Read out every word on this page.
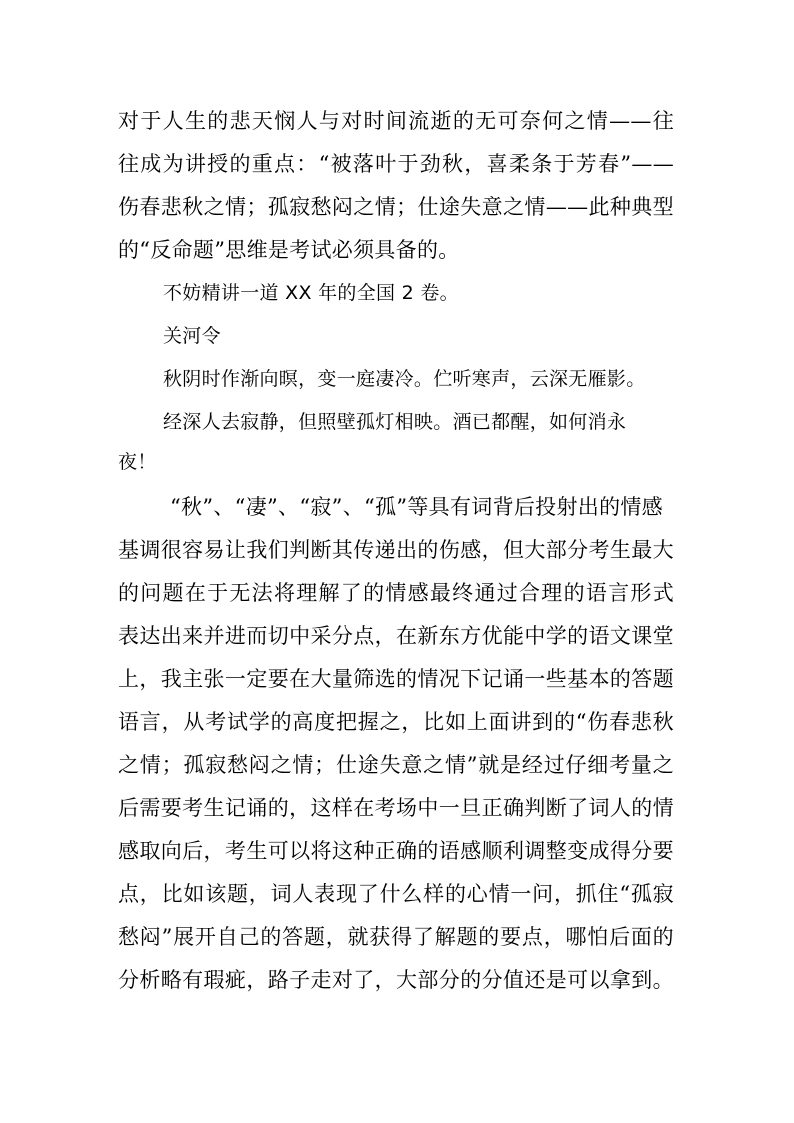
对于人生的悲天悯人与对时间流逝的无可奈何之情——往
往成为讲授的重点：“被落叶于劲秋，喜柔条于芳春”——
伤春悲秋之情；孤寂愁闷之情；仕途失意之情——此种典型
的“反命题”思维是考试必须具备的。
不妨精讲一道 XX 年的全国 2 卷。
关河令
秋阴时作渐向暝，变一庭凄冷。伫听寒声，云深无雁影。
经深人去寂静，但照壁孤灯相映。酒已都醒，如何消永
夜！
“秋”、“凄”、“寂”、“孤”等具有词背后投射出的情感
基调很容易让我们判断其传递出的伤感，但大部分考生最大
的问题在于无法将理解了的情感最终通过合理的语言形式
表达出来并进而切中采分点，在新东方优能中学的语文课堂
上，我主张一定要在大量筛选的情况下记诵一些基本的答题
语言，从考试学的高度把握之，比如上面讲到的“伤春悲秋
之情；孤寂愁闷之情；仕途失意之情”就是经过仔细考量之
后需要考生记诵的，这样在考场中一旦正确判断了词人的情
感取向后，考生可以将这种正确的语感顺利调整变成得分要
点，比如该题，词人表现了什么样的心情一问，抓住“孤寂
愁闷”展开自己的答题，就获得了解题的要点，哪怕后面的
分析略有瑕疵，路子走对了，大部分的分值还是可以拿到。
